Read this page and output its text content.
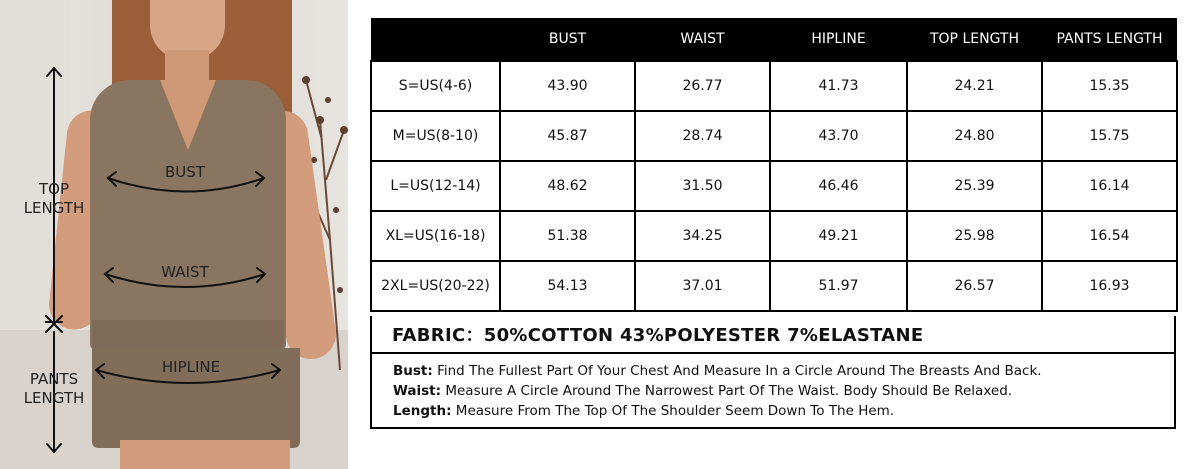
TOP
LENGTH
PANTS
LENGTH
BUST
WAIST
HIPLINE
	BUST	WAIST	HIPLINE	TOP LENGTH	PANTS LENGTH
S=US(4-6)	43.90	26.77	41.73	24.21	15.35
M=US(8-10)	45.87	28.74	43.70	24.80	15.75
L=US(12-14)	48.62	31.50	46.46	25.39	16.14
XL=US(16-18)	51.38	34.25	49.21	25.98	16.54
2XL=US(20-22)	54.13	37.01	51.97	26.57	16.93
FABRIC：50%COTTON 43%POLYESTER 7%ELASTANE
Bust: Find The Fullest Part Of Your Chest And Measure In a Circle Around The Breasts And Back.
Waist: Measure A Circle Around The Narrowest Part Of The Waist. Body Should Be Relaxed.
Length: Measure From The Top Of The Shoulder Seem Down To The Hem.
